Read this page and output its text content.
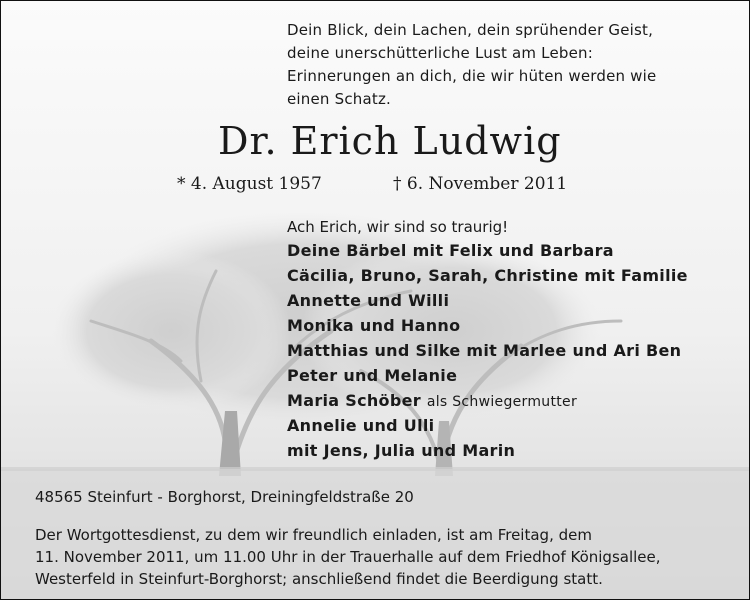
Dein Blick, dein Lachen, dein sprühender Geist,
deine unerschütterliche Lust am Leben:
Erinnerungen an dich, die wir hüten werden wie
einen Schatz.
Dr. Erich Ludwig
* 4. August 1957	† 6. November 2011
Ach Erich, wir sind so traurig!
Deine Bärbel mit Felix und Barbara
Cäcilia, Bruno, Sarah, Christine mit Familie
Annette und Willi
Monika und Hanno
Matthias und Silke mit Marlee und Ari Ben
Peter und Melanie
Maria Schöber als Schwiegermutter
Annelie und Ulli
mit Jens, Julia und Marin
48565 Steinfurt - Borghorst, Dreiningfeldstraße 20
Der Wortgottesdienst, zu dem wir freundlich einladen, ist am Freitag, dem
11. November 2011, um 11.00 Uhr in der Trauerhalle auf dem Friedhof Königsallee,
Westerfeld in Steinfurt-Borghorst; anschließend findet die Beerdigung statt.
